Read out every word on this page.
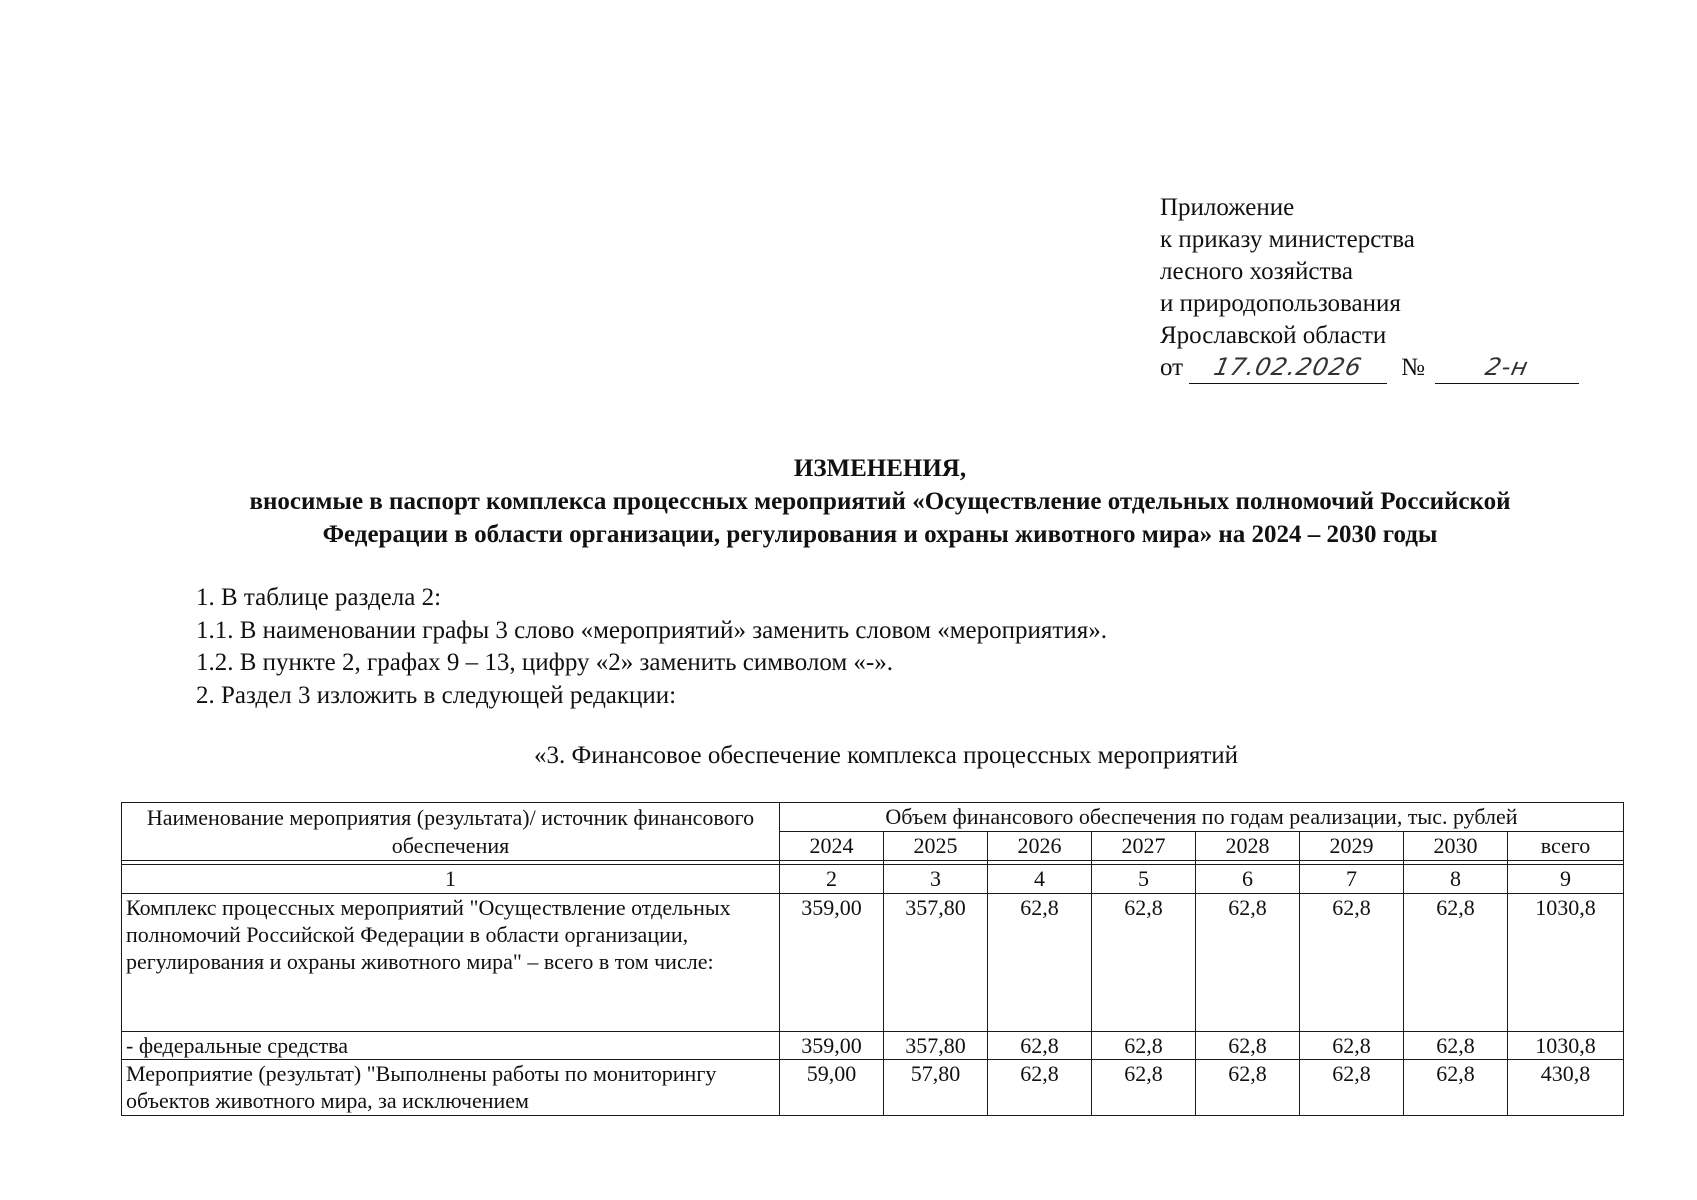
Приложение
к приказу министерства
лесного хозяйства
и природопользования
Ярославской области
от	17.02.2026	№	2-н
ИЗМЕНЕНИЯ,
вносимые в паспорт комплекса процессных мероприятий «Осуществление отдельных полномочий Российской
Федерации в области организации, регулирования и охраны животного мира» на 2024 – 2030 годы
1. В таблице раздела 2:
1.1. В наименовании графы 3 слово «мероприятий» заменить словом «мероприятия».
1.2. В пункте 2, графах 9 – 13, цифру «2» заменить символом «-».
2. Раздел 3 изложить в следующей редакции:
«3. Финансовое обеспечение комплекса процессных мероприятий
Наименование мероприятия (результата)/ источник финансового обеспечения	Объем финансового обеспечения по годам реализации, тыс. рублей							
	2024	2025	2026	2027	2028	2029	2030	всего

1	2	3	4	5	6	7	8	9
Комплекс процессных мероприятий "Осуществление отдельных полномочий Российской Федерации в области организации, регулирования и охраны животного мира" – всего в том числе:	359,00	357,80	62,8	62,8	62,8	62,8	62,8	1030,8
- федеральные средства	359,00	357,80	62,8	62,8	62,8	62,8	62,8	1030,8
Мероприятие (результат) "Выполнены работы по мониторингу объектов животного мира, за исключением	59,00	57,80	62,8	62,8	62,8	62,8	62,8	430,8
